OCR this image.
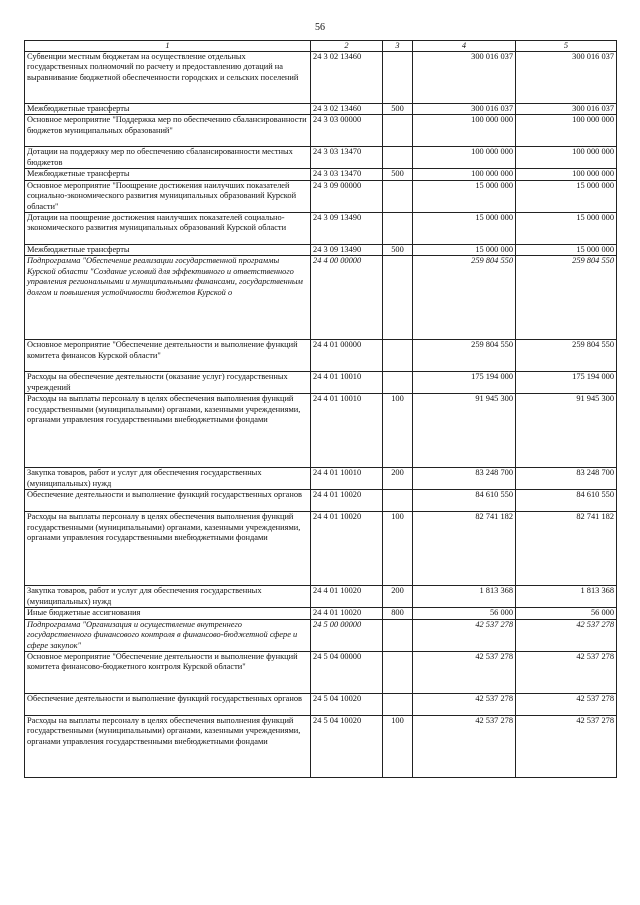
56
1	2	3	4	5
Субвенции местным бюджетам на осуществление отдельных государственных полномочий по расчету и предоставлению дотаций на выравнивание бюджетной обеспеченности городских и сельских поселений	24 3 02 13460		300 016 037	300 016 037
Межбюджетные трансферты	24 3 02 13460	500	300 016 037	300 016 037
Основное мероприятие "Поддержка мер по обеспечению сбалансированности бюджетов муниципальных образований"	24 3 03 00000		100 000 000	100 000 000
Дотации на поддержку мер по обеспечению сбалансированности местных бюджетов	24 3 03 13470		100 000 000	100 000 000
Межбюджетные трансферты	24 3 03 13470	500	100 000 000	100 000 000
Основное мероприятие "Поощрение достижения наилучших показателей социально-экономического развития муниципальных образований Курской области"	24 3 09 00000		15 000 000	15 000 000
Дотации на поощрение достижения наилучших показателей социально-экономического развития муниципальных образований Курской области	24 3 09 13490		15 000 000	15 000 000
Межбюджетные трансферты	24 3 09 13490	500	15 000 000	15 000 000
Подпрограмма "Обеспечение реализации государственной программы Курской области "Создание условий для эффективного и ответственного управления региональными и муниципальными финансами, государственным долгом и повышения устойчивости бюджетов Курской о	24 4 00 00000		259 804 550	259 804 550
Основное мероприятие "Обеспечение деятельности и выполнение функций комитета финансов Курской области"	24 4 01 00000		259 804 550	259 804 550
Расходы на обеспечение деятельности (оказание услуг) государственных учреждений	24 4 01 10010		175 194 000	175 194 000
Расходы на выплаты персоналу в целях обеспечения выполнения функций государственными (муниципальными) органами, казенными учреждениями, органами управления государственными внебюджетными фондами	24 4 01 10010	100	91 945 300	91 945 300
Закупка товаров, работ и услуг для обеспечения государственных (муниципальных) нужд	24 4 01 10010	200	83 248 700	83 248 700
Обеспечение деятельности и выполнение функций государственных органов	24 4 01 10020		84 610 550	84 610 550
Расходы на выплаты персоналу в целях обеспечения выполнения функций государственными (муниципальными) органами, казенными учреждениями, органами управления государственными внебюджетными фондами	24 4 01 10020	100	82 741 182	82 741 182
Закупка товаров, работ и услуг для обеспечения государственных (муниципальных) нужд	24 4 01 10020	200	1 813 368	1 813 368
Иные бюджетные ассигнования	24 4 01 10020	800	56 000	56 000
Подпрограмма "Организация и осуществление внутреннего государственного финансового контроля в финансово-бюджетной сфере и сфере закупок"	24 5 00 00000		42 537 278	42 537 278
Основное мероприятие "Обеспечение деятельности и выполнение функций комитета финансово-бюджетного контроля Курской области"	24 5 04 00000		42 537 278	42 537 278
Обеспечение деятельности и выполнение функций государственных органов	24 5 04 10020		42 537 278	42 537 278
Расходы на выплаты персоналу в целях обеспечения выполнения функций государственными (муниципальными) органами, казенными учреждениями, органами управления государственными внебюджетными фондами	24 5 04 10020	100	42 537 278	42 537 278
